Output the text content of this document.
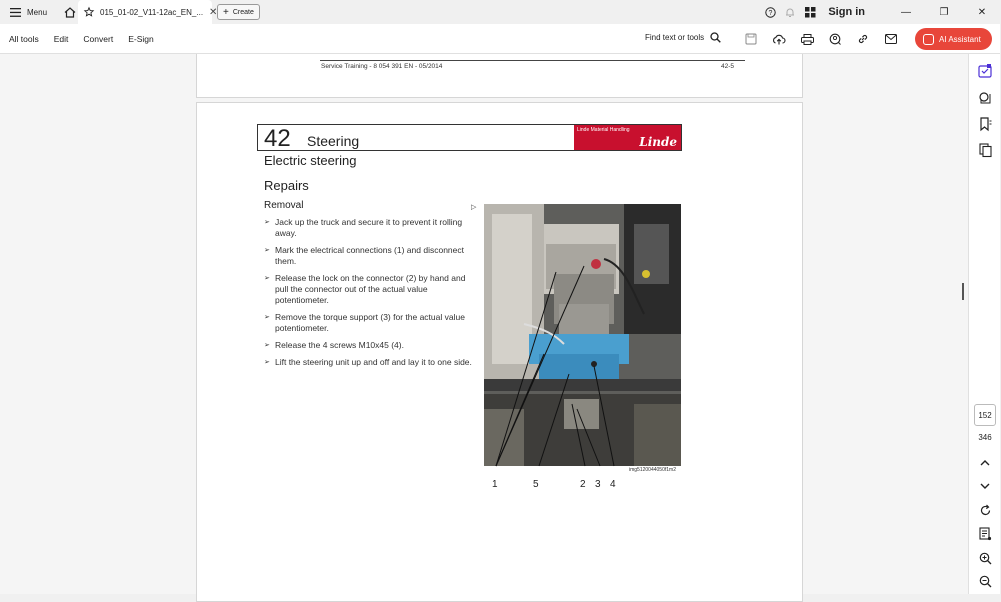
Menu	015_01-02_V11-12ac_EN_... ✕ + Create	?	Sign in	—	❐	✕
All tools Edit Convert E-Sign	Find text or tools	AI Assistant
Service Training - 8 054 391 EN - 05/2014	42-5
42 Steering
Linde Material Handling
Linde
Electric steering
Repairs
Removal
➢ Jack up the truck and secure it to prevent it rolling away.
➢ Mark the electrical connections (1) and disconnect them.
➢ Release the lock on the connector (2) by hand and pull the connector out of the actual value potentiometer.
➢ Remove the torque support (3) for the actual value potentiometer.
➢ Release the 4 screws M10x45 (4).
➢ Lift the steering unit up and off and lay it to one side.
▷
img5120044050f1m2
1	5	2 3 4
152
346
